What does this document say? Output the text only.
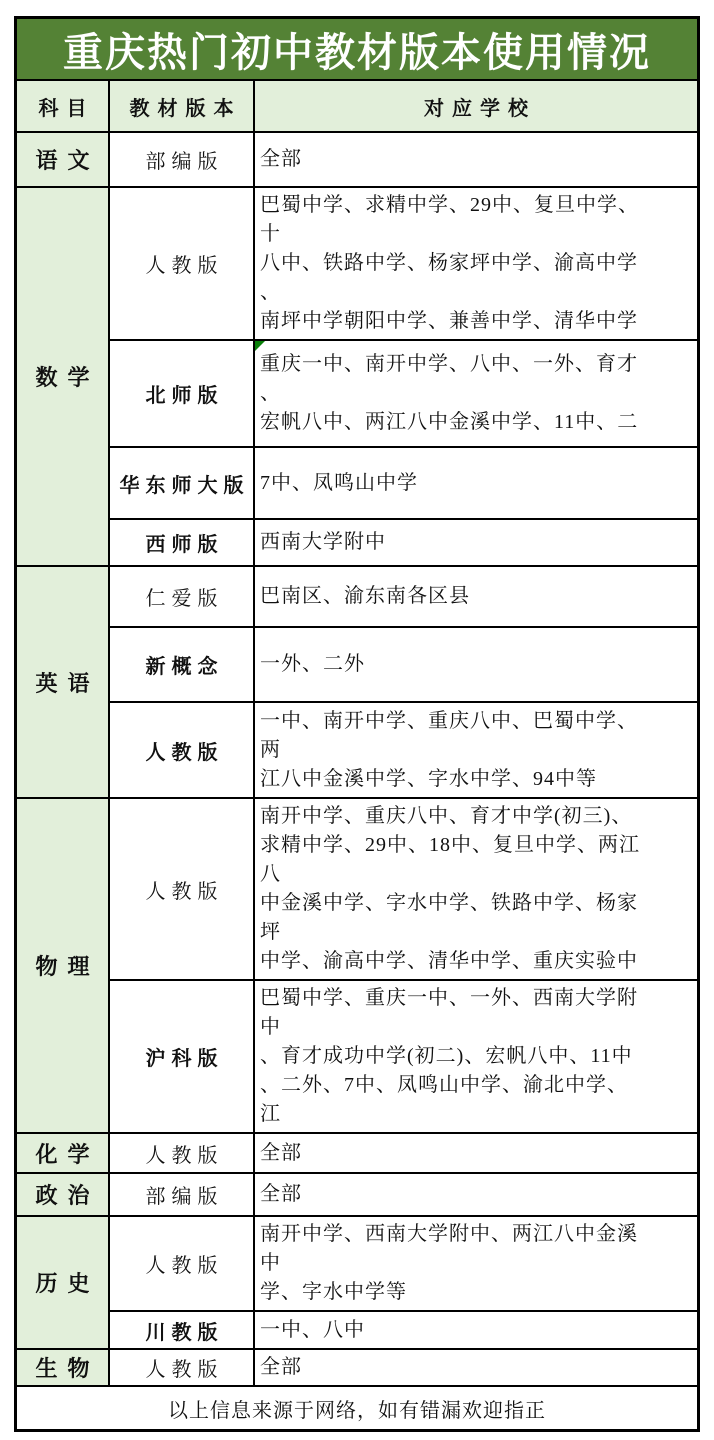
重庆热门初中教材版本使用情况
科目	教材版本	对应学校
语文	部编版	全部

数学	人教版	巴蜀中学、求精中学、29中、复旦中学、
十
八中、铁路中学、杨家坪中学、渝高中学
、
南坪中学朝阳中学、兼善中学、清华中学

	北师版	重庆一中、南开中学、八中、一外、育才
、
宏帆八中、两江八中金溪中学、11中、二

	华东师大版	7中、凤鸣山中学

	西师版	西南大学附中

英语	仁爱版	巴南区、渝东南各区县

	新概念	一外、二外

	人教版	一中、南开中学、重庆八中、巴蜀中学、
两
江八中金溪中学、字水中学、94中等

物理	人教版	
南开中学、重庆八中、育才中学(初三)、
求精中学、29中、18中、复旦中学、两江
八
中金溪中学、字水中学、铁路中学、杨家
坪
中学、渝高中学、清华中学、重庆实验中

	沪科版	巴蜀中学、重庆一中、一外、西南大学附
中
、育才成功中学(初二)、宏帆八中、11中
、二外、7中、凤鸣山中学、渝北中学、
江

化学	人教版	全部

政治	部编版	全部

历史	人教版	南开中学、西南大学附中、两江八中金溪
中
学、字水中学等

	川教版	一中、八中

生物	人教版	全部

以上信息来源于网络，如有错漏欢迎指正		
